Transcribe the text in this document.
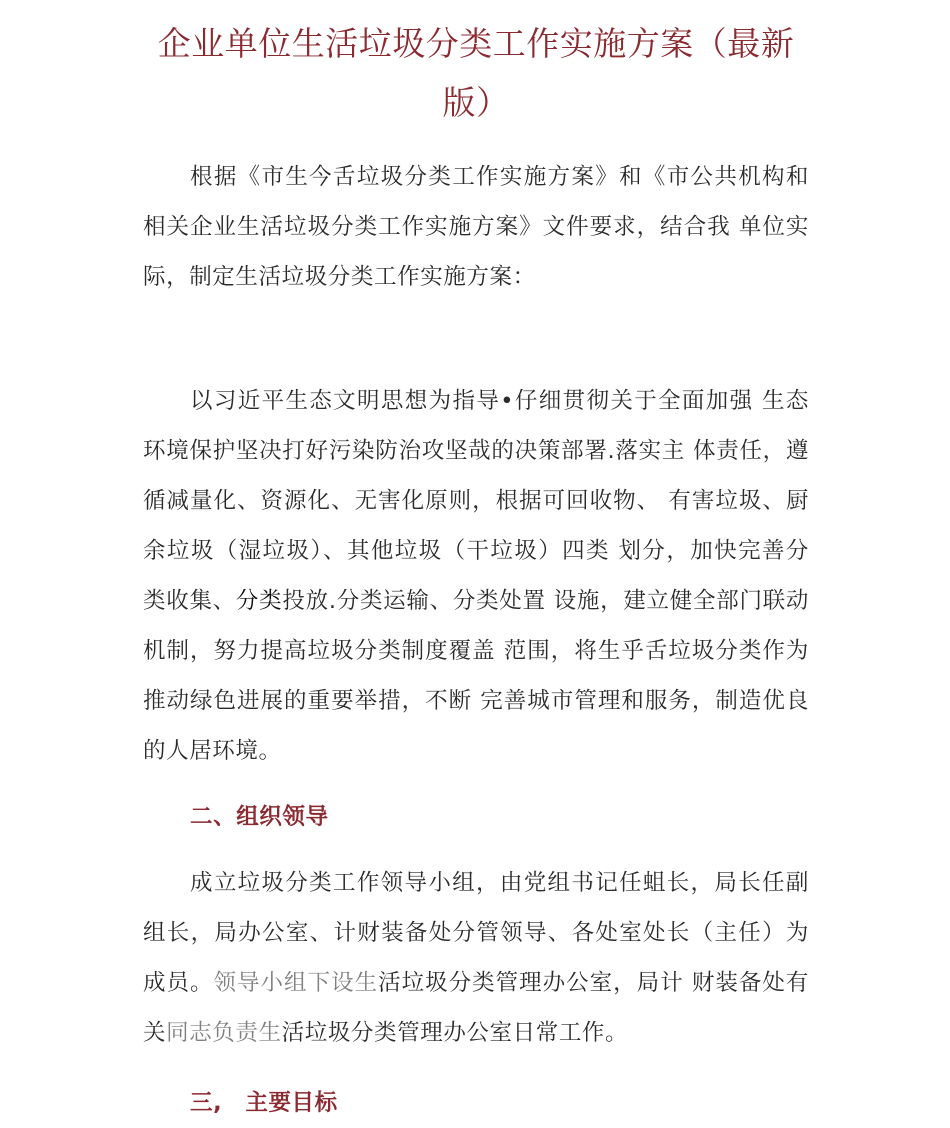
企业单位生活垃圾分类工作实施方案（最新版）

根据《市生今舌垃圾分类工作实施方案》和《市公共机构和相关企业生活垃圾分类工作实施方案》文件要求，结合我 单位实际，制定生活垃圾分类工作实施方案：

以习近平生态文明思想为指导•仔细贯彻关于全面加强 生态环境保护坚决打好污染防治攻坚哉的决策部署.落实主 体责任，遵循减量化、资源化、无害化原则，根据可回收物、 有害垃圾、厨余垃圾（湿垃圾）、其他垃圾（干垃圾）四类 划分，加快完善分类收集、分类投放.分类运输、分类处置 设施，建立健全部门联动机制，努力提高垃圾分类制度覆盖 范围，将生乎舌垃圾分类作为推动绿色进展的重要举措，不断 完善城市管理和服务，制造优良的人居环境。

二、组织领导

成立垃圾分类工作领导小组，由党组书记任蛆长，局长任副组长，局办公室、计财装备处分管领导、各处室处长（主任）为成员。领导小组下设生活垃圾分类管理办公室，局计 财装备处有关同志负责生活垃圾分类管理办公室日常工作。

三,　主要目标
